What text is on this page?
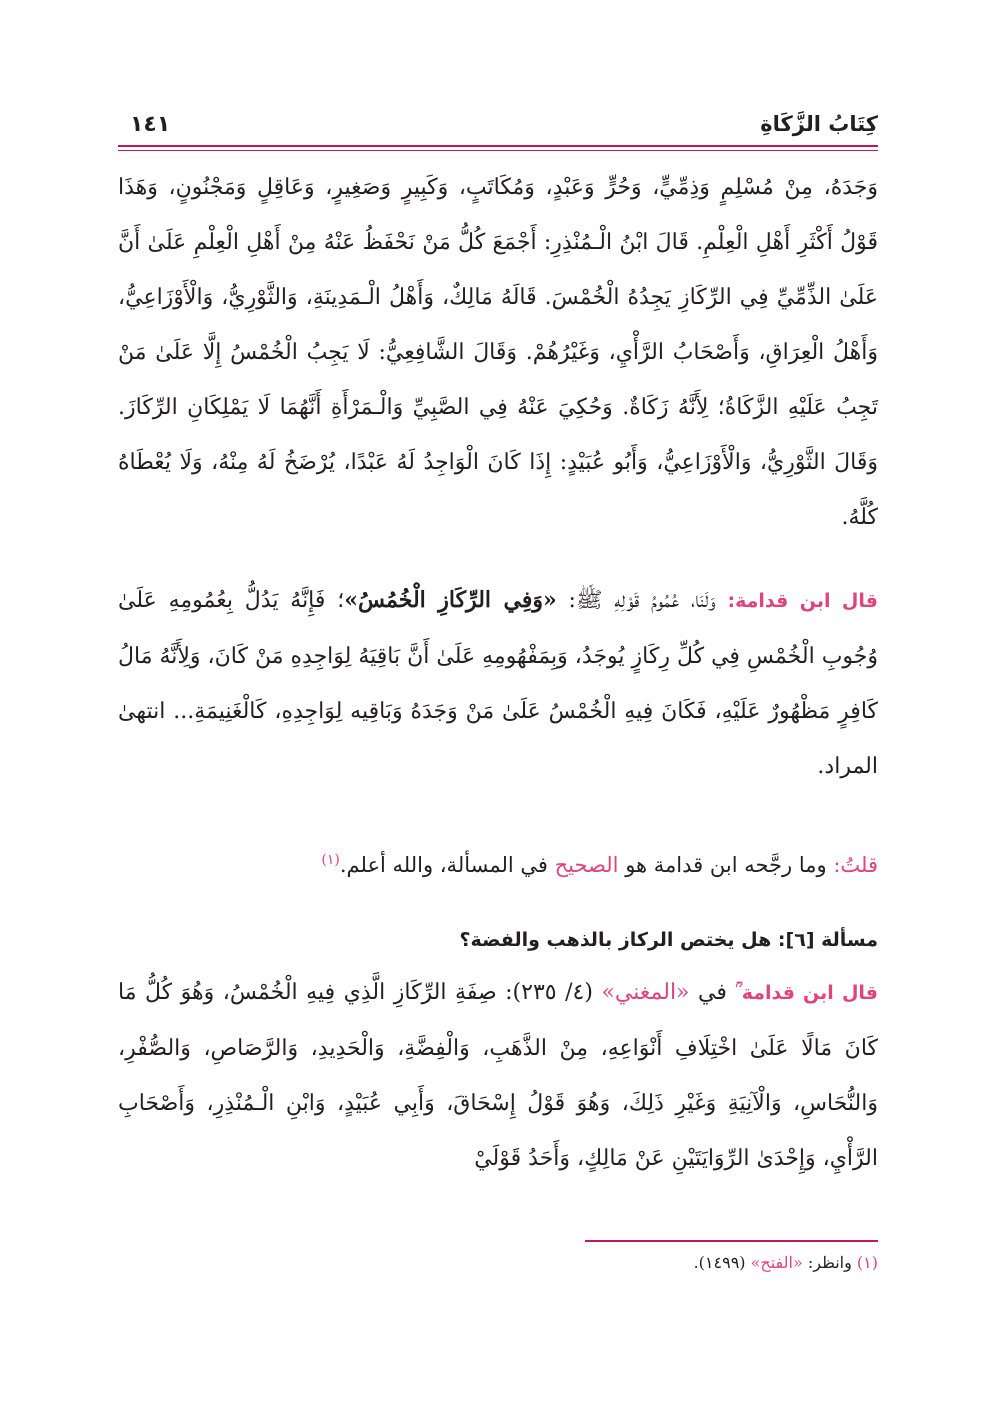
كِتَابُ الزَّكَاةِ
١٤١
وَجَدَهُ، مِنْ مُسْلِمٍ وَذِمِّيٍّ، وَحُرٍّ وَعَبْدٍ، وَمُكَاتَبٍ، وَكَبِيرٍ وَصَغِيرٍ، وَعَاقِلٍ وَمَجْنُونٍ، وَهَذَا قَوْلُ أَكْثَرِ أَهْلِ الْعِلْمِ. قَالَ ابْنُ الْـمُنْذِرِ: أَجْمَعَ كُلُّ مَنْ نَحْفَظُ عَنْهُ مِنْ أَهْلِ الْعِلْمِ عَلَىٰ أَنَّ عَلَىٰ الذِّمِّيِّ فِي الرِّكَازِ يَجِدُهُ الْخُمْسَ. قَالَهُ مَالِكٌ، وَأَهْلُ الْـمَدِينَةِ، وَالثَّوْرِيُّ، وَالْأَوْزَاعِيُّ، وَأَهْلُ الْعِرَاقِ، وَأَصْحَابُ الرَّأْيِ، وَغَيْرُهُمْ. وَقَالَ الشَّافِعِيُّ: لَا يَجِبُ الْخُمْسُ إِلَّا عَلَىٰ مَنْ تَجِبُ عَلَيْهِ الزَّكَاةُ؛ لِأَنَّهُ زَكَاةٌ. وَحُكِيَ عَنْهُ فِي الصَّبِيِّ وَالْـمَرْأَةِ أَنَّهُمَا لَا يَمْلِكَانِ الرِّكَازَ. وَقَالَ الثَّوْرِيُّ، وَالْأَوْزَاعِيُّ، وَأَبُو عُبَيْدٍ: إِذَا كَانَ الْوَاجِدُ لَهُ عَبْدًا، يُرْضَخُ لَهُ مِنْهُ، وَلَا يُعْطَاهُ كُلَّهُ.
قال ابن قدامة: وَلَنَا، عُمُومُ قَوْلِهِ ﷺ: «وَفِي الرِّكَازِ الْخُمُسُ»؛ فَإِنَّهُ يَدُلُّ بِعُمُومِهِ عَلَىٰ وُجُوبِ الْخُمْسِ فِي كُلِّ رِكَازٍ يُوجَدُ، وَبِمَفْهُومِهِ عَلَىٰ أَنَّ بَاقِيَهُ لِوَاجِدِهِ مَنْ كَانَ، وَلِأَنَّهُ مَالُ كَافِرٍ مَظْهُورٌ عَلَيْهِ، فَكَانَ فِيهِ الْخُمْسُ عَلَىٰ مَنْ وَجَدَهُ وَبَاقِيه لِوَاجِدِهِ، كَالْغَنِيمَةِ... انتهىٰ المراد.
قلتُ: وما رجَّحه ابن قدامة هو الصحيح في المسألة، والله أعلم.$^{(١)}$
مسألة [٦]: هل يختص الركاز بالذهب والفضة؟
قال ابن قدامة ؒ في «المغني» (٤/ ٢٣٥): صِفَةِ الرِّكَازِ الَّذِي فِيهِ الْخُمْسُ، وَهُوَ كُلُّ مَا كَانَ مَالًا عَلَىٰ اخْتِلَافِ أَنْوَاعِهِ، مِنْ الذَّهَبِ، وَالْفِضَّةِ، وَالْحَدِيدِ، وَالرَّصَاصِ، وَالصُّفْرِ، وَالنُّحَاسِ، وَالْآنِيَةِ وَغَيْرِ ذَلِكَ، وَهُوَ قَوْلُ إِسْحَاقَ، وَأَبِي عُبَيْدٍ، وَابْنِ الْـمُنْذِرِ، وَأَصْحَابِ الرَّأْيِ، وَإِحْدَىٰ الرِّوَايَتَيْنِ عَنْ مَالِكٍ، وَأَحَدُ قَوْلَيْ
(١) وانظر: «الفتح» (١٤٩٩).
